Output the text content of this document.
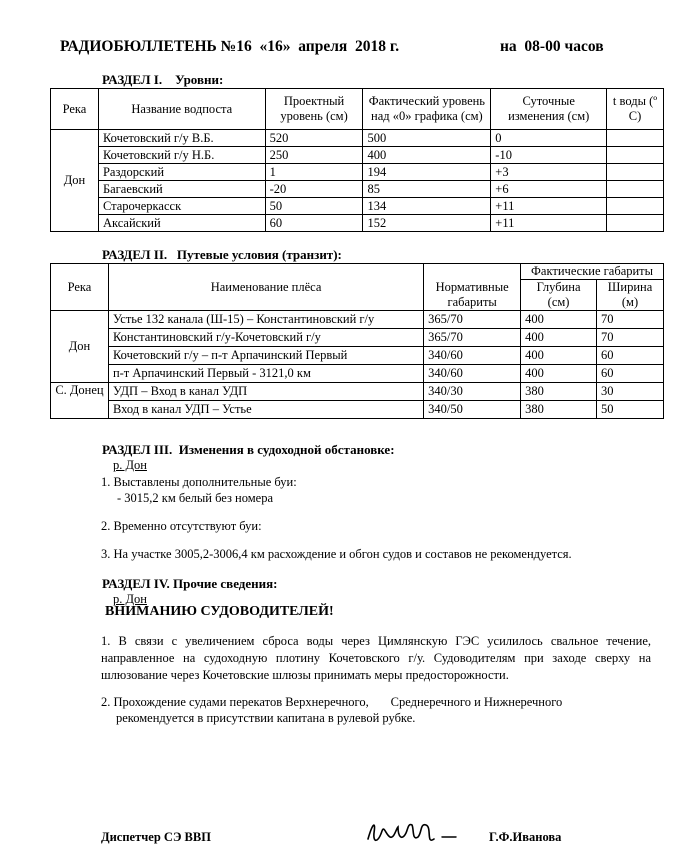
РАДИОБЮЛЛЕТЕНЬ №16  «16»  апреля  2018 г.	на  08-00 часов
РАЗДЕЛ I.    Уровни:
Река	Название водпоста	Проектный уровень (см)	Фактический уровень над «0» графика (см)	Суточные изменения (см)	t воды (º С)
Дон	Кочетовский г/у В.Б.	520	500	0	
	Кочетовский г/у Н.Б.	250	400	-10	
	Раздорский	1	194	+3	
	Багаевский	-20	85	+6	
	Старочеркасск	50	134	+11	
	Аксайский	60	152	+11	
РАЗДЕЛ II.   Путевые условия (транзит):
Река	Наименование плёса	Нормативные габариты	Фактические габариты	
			Глубина (см)	Ширина (м)
Дон	Устье 132 канала (Ш-15) – Константиновский г/у	365/70	400	70
	Константиновский г/у-Кочетовский г/у	365/70	400	70
	Кочетовский г/у – п-т Арпачинский Первый	340/60	400	60
	п-т Арпачинский Первый - 3121,0 км	340/60	400	60
С. Донец	УДП – Вход в канал УДП	340/30	380	30
	Вход в канал УДП – Устье	340/50	380	50
РАЗДЕЛ III.  Изменения в судоходной обстановке:
р. Дон
1. Выставлены дополнительные буи:
- 3015,2 км белый без номера
2. Временно отсутствуют буи:
3. На участке 3005,2-3006,4 км расхождение и обгон судов и составов не рекомендуется.
РАЗДЕЛ IV. Прочие сведения:
р. Дон
ВНИМАНИЮ СУДОВОДИТЕЛЕЙ!
1. В связи с увеличением сброса воды через Цимлянскую ГЭС усилилось свальное течение, направленное на судоходную плотину Кочетовского г/у. Судоводителям при заходе сверху на шлюзование через Кочетовские шлюзы принимать меры предосторожности.
2. Прохождение судами перекатов Верхнеречного,       Среднеречного и Нижнеречного
рекомендуется в присутствии капитана в рулевой рубке.
Диспетчер СЭ ВВП	Г.Ф.Иванова
